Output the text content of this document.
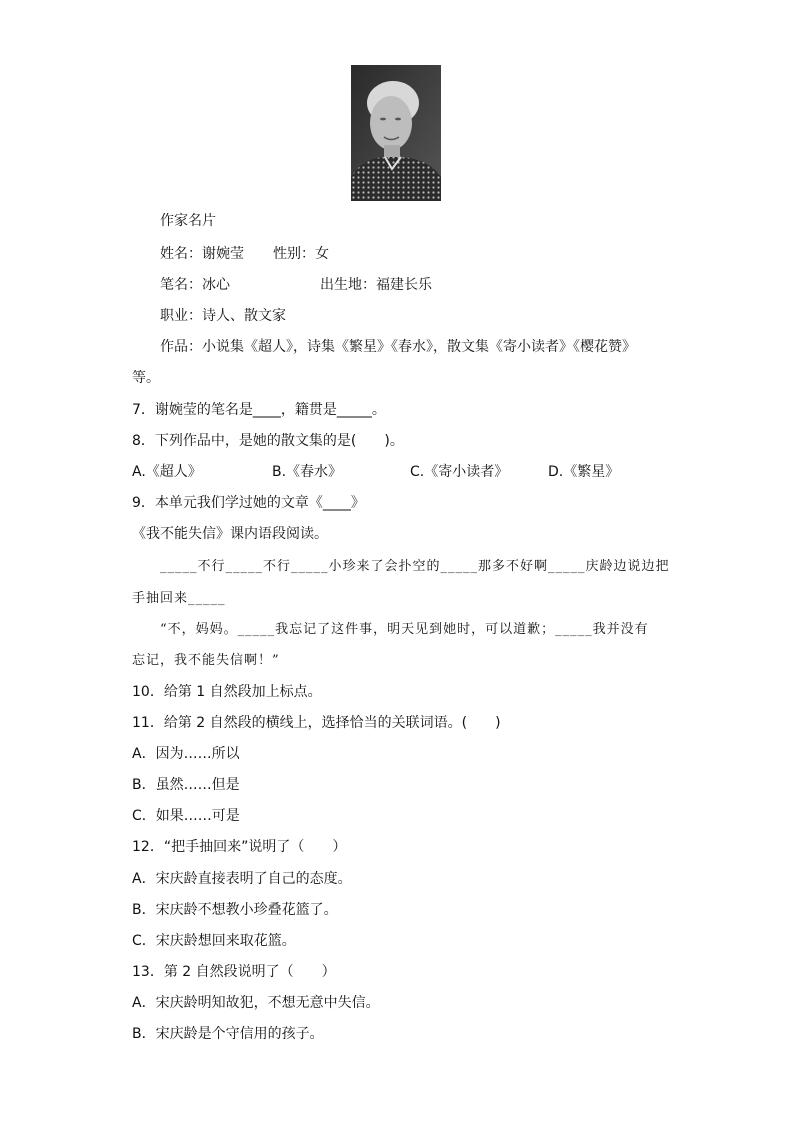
作家名片
姓名：谢婉莹 性别：女
笔名：冰心	出生地：福建长乐
职业：诗人、散文家
作品：小说集《超人》，诗集《繁星》《春水》，散文集《寄小读者》《樱花赞》
等。
7．谢婉莹的笔名是____，籍贯是_____。
8．下列作品中，是她的散文集的是(　　)。
A.《超人》	B.《春水》	C.《寄小读者》	D.《繁星》
9．本单元我们学过她的文章《____》
《我不能失信》课内语段阅读。
_____不行_____不行_____小珍来了会扑空的_____那多不好啊_____庆龄边说边把
手抽回来_____
“不，妈妈。_____我忘记了这件事，明天见到她时，可以道歉；_____我并没有
忘记，我不能失信啊！”
10．给第 1 自然段加上标点。
11．给第 2 自然段的横线上，选择恰当的关联词语。(　　)
A．因为……所以
B．虽然……但是
C．如果……可是
12．“把手抽回来”说明了（　　）
A．宋庆龄直接表明了自己的态度。
B．宋庆龄不想教小珍叠花篮了。
C．宋庆龄想回来取花篮。
13．第 2 自然段说明了（　　）
A．宋庆龄明知故犯，不想无意中失信。
B．宋庆龄是个守信用的孩子。
